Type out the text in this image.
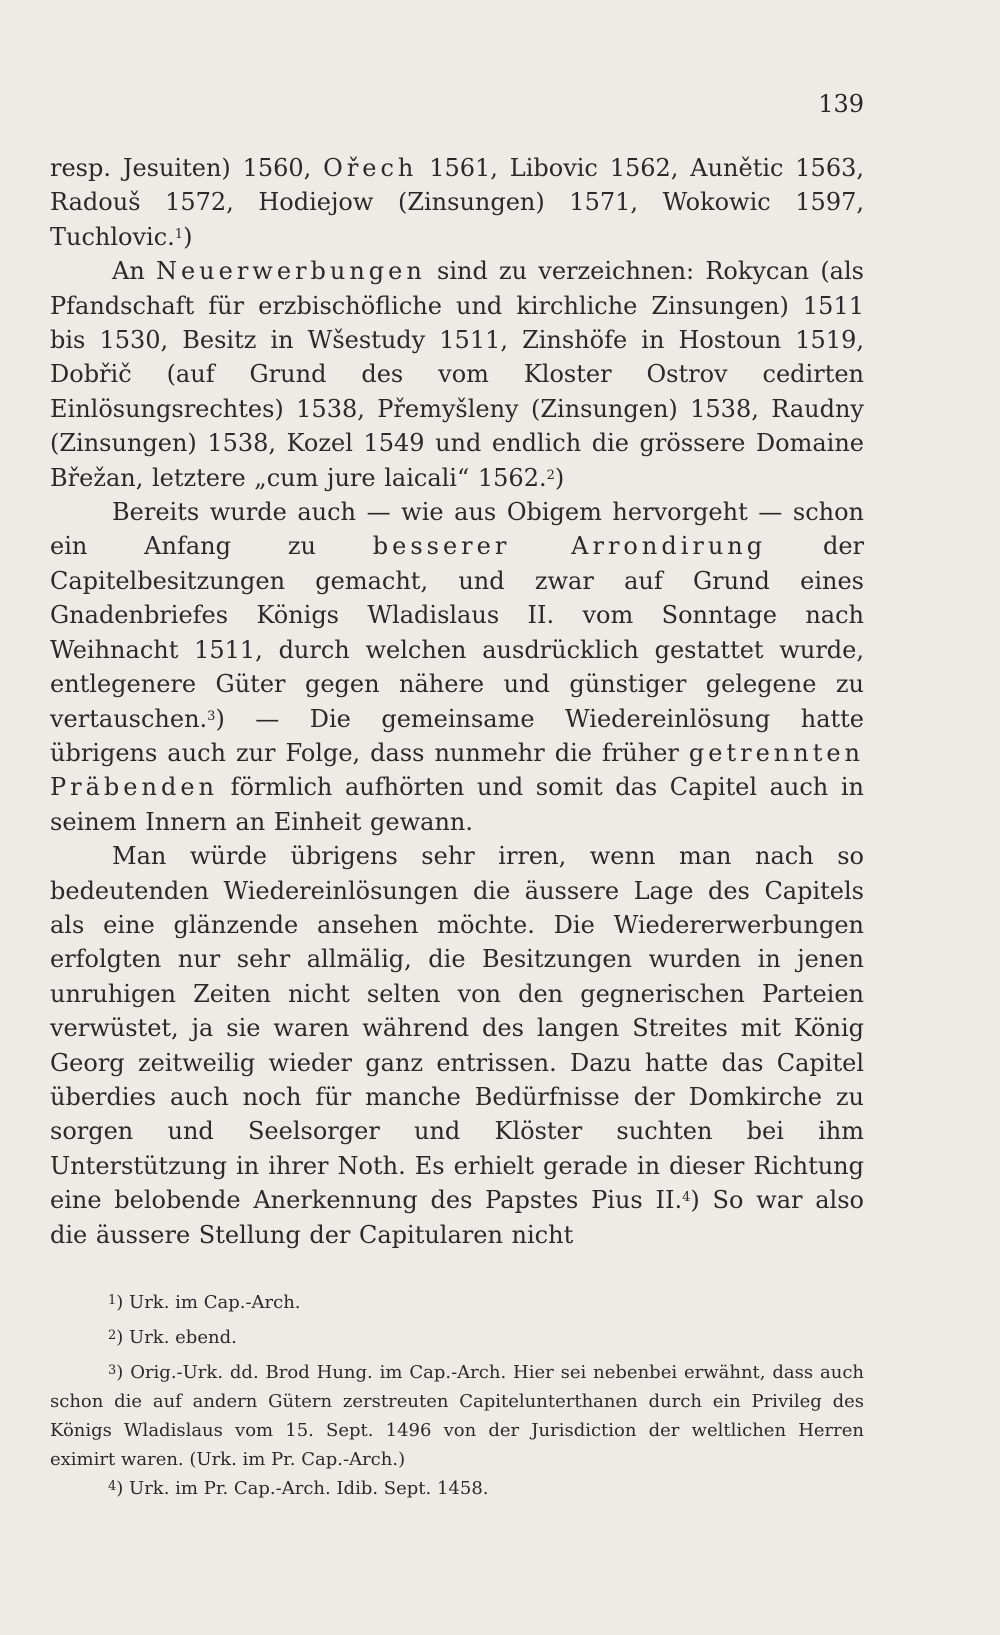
139

resp. Jesuiten) 1560, Ořech 1561, Libovic 1562, Aunětic 1563, Radouš 1572, Hodiejow (Zinsungen) 1571, Wokowic 1597, Tuchlovic.$^1$)

An Neuerwerbungen sind zu verzeichnen: Rokycan (als Pfandschaft für erzbischöfliche und kirchliche Zinsungen) 1511 bis 1530, Besitz in Wšestudy 1511, Zinshöfe in Hostoun 1519, Dobřič (auf Grund des vom Kloster Ostrov cedirten Einlösungsrechtes) 1538, Přemyšleny (Zinsungen) 1538, Raudny (Zinsungen) 1538, Kozel 1549 und endlich die grössere Domaine Břežan, letztere „cum jure laicali“ 1562.$^2$)

Bereits wurde auch — wie aus Obigem hervorgeht — schon ein Anfang zu besserer Arrondirung der Capitelbesitzungen gemacht, und zwar auf Grund eines Gnadenbriefes Königs Wladislaus II. vom Sonntage nach Weihnacht 1511, durch welchen ausdrücklich gestattet wurde, entlegenere Güter gegen nähere und günstiger gelegene zu vertauschen.$^3$) — Die gemeinsame Wiedereinlösung hatte übrigens auch zur Folge, dass nunmehr die früher getrennten Präbenden förmlich aufhörten und somit das Capitel auch in seinem Innern an Einheit gewann.

Man würde übrigens sehr irren, wenn man nach so bedeutenden Wiedereinlösungen die äussere Lage des Capitels als eine glänzende ansehen möchte. Die Wiedererwerbungen erfolgten nur sehr allmälig, die Besitzungen wurden in jenen unruhigen Zeiten nicht selten von den gegnerischen Parteien verwüstet, ja sie waren während des langen Streites mit König Georg zeitweilig wieder ganz entrissen. Dazu hatte das Capitel überdies auch noch für manche Bedürfnisse der Domkirche zu sorgen und Seelsorger und Klöster suchten bei ihm Unterstützung in ihrer Noth. Es erhielt gerade in dieser Richtung eine belobende Anerkennung des Papstes Pius II.$^4$) So war also die äussere Stellung der Capitularen nicht

$^1$) Urk. im Cap.-Arch.

$^2$) Urk. ebend.

$^3$) Orig.-Urk. dd. Brod Hung. im Cap.-Arch. Hier sei nebenbei erwähnt, dass auch schon die auf andern Gütern zerstreuten Capitelunterthanen durch ein Privileg des Königs Wladislaus vom 15. Sept. 1496 von der Jurisdiction der weltlichen Herren eximirt waren. (Urk. im Pr. Cap.-Arch.)

$^4$) Urk. im Pr. Cap.-Arch. Idib. Sept. 1458.
